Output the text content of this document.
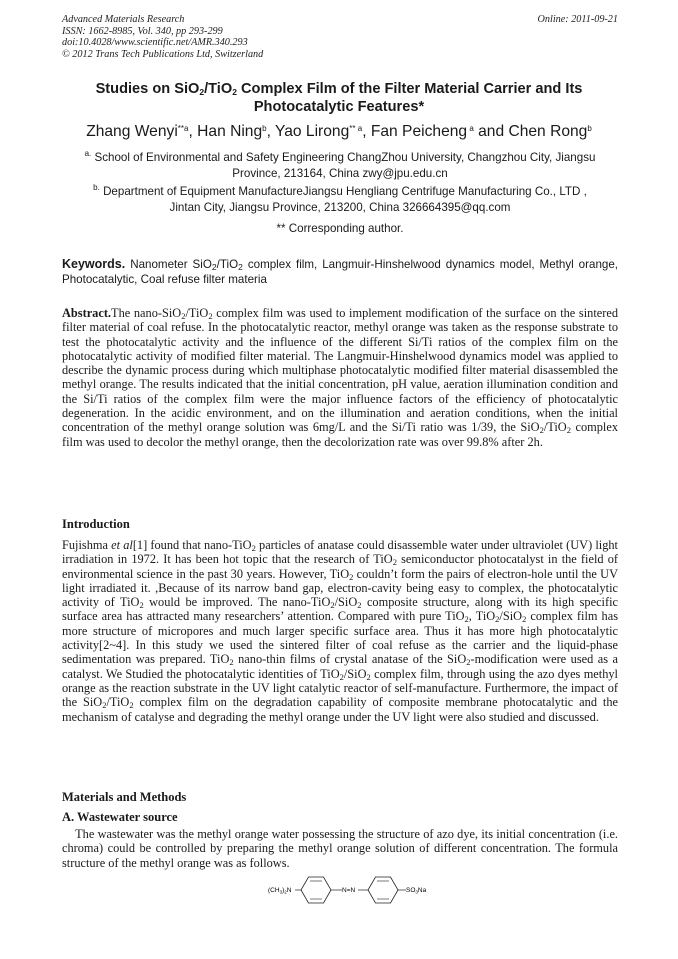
Advanced Materials Research
ISSN: 1662-8985, Vol. 340, pp 293-299
doi:10.4028/www.scientific.net/AMR.340.293
© 2012 Trans Tech Publications Ltd, Switzerland
Online: 2011-09-21
Studies on SiO$_2$/TiO$_2$ Complex Film of the Filter Material Carrier and Its Photocatalytic Features*
Zhang Wenyi$^{**a}$, Han Ning$^b$, Yao Lirong$^{** a}$, Fan Peicheng $^a$ and Chen Rong$^b$
$^{a.}$ School of Environmental and Safety Engineering ChangZhou University, Changzhou City, Jiangsu
Province, 213164, China zwy@jpu.edu.cn
$^{b.}$ Department of Equipment ManufactureJiangsu Hengliang Centrifuge Manufacturing Co., LTD ,
Jintan City, Jiangsu Province, 213200, China 326664395@qq.com
** Corresponding author.
Keywords. Nanometer SiO$_2$/TiO$_2$ complex film, Langmuir-Hinshelwood dynamics model, Methyl orange, Photocatalytic, Coal refuse filter materia
Abstract.The nano-SiO$_2$/TiO$_2$ complex film was used to implement modification of the surface on the sintered filter material of coal refuse. In the photocatalytic reactor, methyl orange was taken as the response substrate to test the photocatalytic activity and the influence of the different Si/Ti ratios of the complex film on the photocatalytic activity of modified filter material. The Langmuir-Hinshelwood dynamics model was applied to describe the dynamic process during which multiphase photocatalytic modified filter material disassembled the methyl orange. The results indicated that the initial concentration, pH value, aeration illumination condition and the Si/Ti ratios of the complex film were the major influence factors of the efficiency of photocatalytic degeneration. In the acidic environment, and on the illumination and aeration conditions, when the initial concentration of the methyl orange solution was 6mg/L and the Si/Ti ratio was 1/39, the SiO$_2$/TiO$_2$ complex film was used to decolor the methyl orange, then the decolorization rate was over 99.8% after 2h.
Introduction
Fujishma et al[1] found that nano-TiO$_2$ particles of anatase could disassemble water under ultraviolet (UV) light irradiation in 1972. It has been hot topic that the research of TiO$_2$ semiconductor photocatalyst in the field of environmental science in the past 30 years. However, TiO$_2$ couldn’t form the pairs of electron-hole until the UV light irradiated it. ,Because of its narrow band gap, electron-cavity being easy to complex, the photocatalytic activity of TiO$_2$ would be improved. The nano-TiO$_2$/SiO$_2$ composite structure, along with its high specific surface area has attracted many researchers’ attention. Compared with pure TiO$_2$, TiO$_2$/SiO$_2$ complex film has more structure of micropores and much larger specific surface area. Thus it has more high photocatalytic activity[2~4]. In this study we used the sintered filter of coal refuse as the carrier and the liquid-phase sedimentation was prepared. TiO$_2$ nano-thin films of crystal anatase of the SiO$_2$-modification were used as a catalyst. We Studied the photocatalytic identities of TiO$_2$/SiO$_2$ complex film, through using the azo dyes methyl orange as the reaction substrate in the UV light catalytic reactor of self-manufacture. Furthermore, the impact of the SiO$_2$/TiO$_2$ complex film on the degradation capability of composite membrane photocatalytic and the mechanism of catalyse and degrading the methyl orange under the UV light were also studied and discussed.
Materials and Methods
A. Wastewater source
The wastewater was the methyl orange water possessing the structure of azo dye, its initial concentration (i.e. chroma) could be controlled by preparing the methyl orange solution of different concentration. The formula structure of the methyl orange was as follows.
$(CH_3)_2N$	N=N	$SO_3Na$
